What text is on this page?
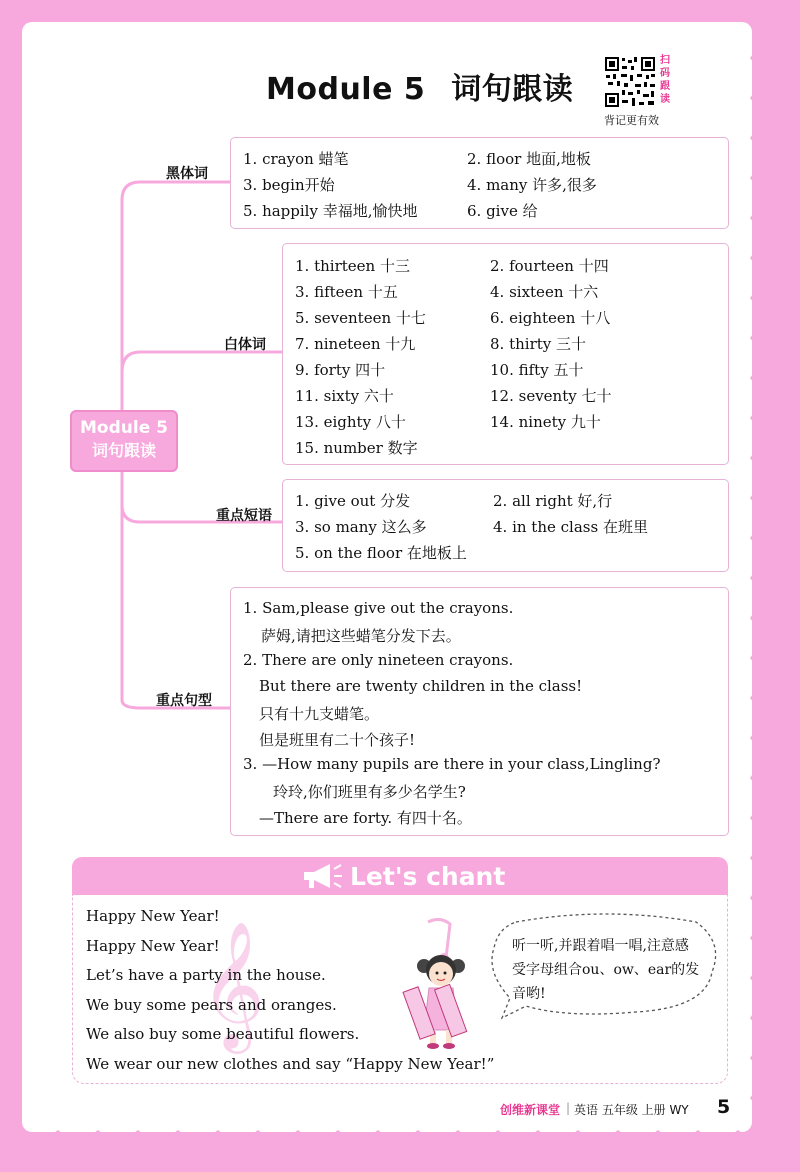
Module 5 词句跟读
扫码跟读
背记更有效
Module 5
词句跟读
黑体词
1. crayon 蜡笔	2. floor 地面,地板
3. begin开始	4. many 许多,很多
5. happily 幸福地,愉快地	6. give 给
白体词
1. thirteen 十三	2. fourteen 十四
3. fifteen 十五	4. sixteen 十六
5. seventeen 十七	6. eighteen 十八
7. nineteen 十九	8. thirty 三十
9. forty 四十	10. fifty 五十
11. sixty 六十	12. seventy 七十
13. eighty 八十	14. ninety 九十
15. number 数字
重点短语
1. give out 分发	2. all right 好,行
3. so many 这么多	4. in the class 在班里
5. on the floor 在地板上
重点句型
1. Sam,please give out the crayons.
萨姆,请把这些蜡笔分发下去。
2. There are only nineteen crayons.
But there are twenty children in the class!
只有十九支蜡笔。
但是班里有二十个孩子!
3. —How many pupils are there in your class,Lingling?
玲玲,你们班里有多少名学生?
—There are forty. 有四十名。
Let's chant
𝄞
Happy New Year!
Happy New Year!
Let’s have a party in the house.
We buy some pears and oranges.
We also buy some beautiful flowers.
We wear our new clothes and say “Happy New Year!”
听一听,并跟着唱一唱,注意感受字母组合ou、ow、ear的发音哟!
创维新课堂 | 英语 五年级 上册 WY 5
